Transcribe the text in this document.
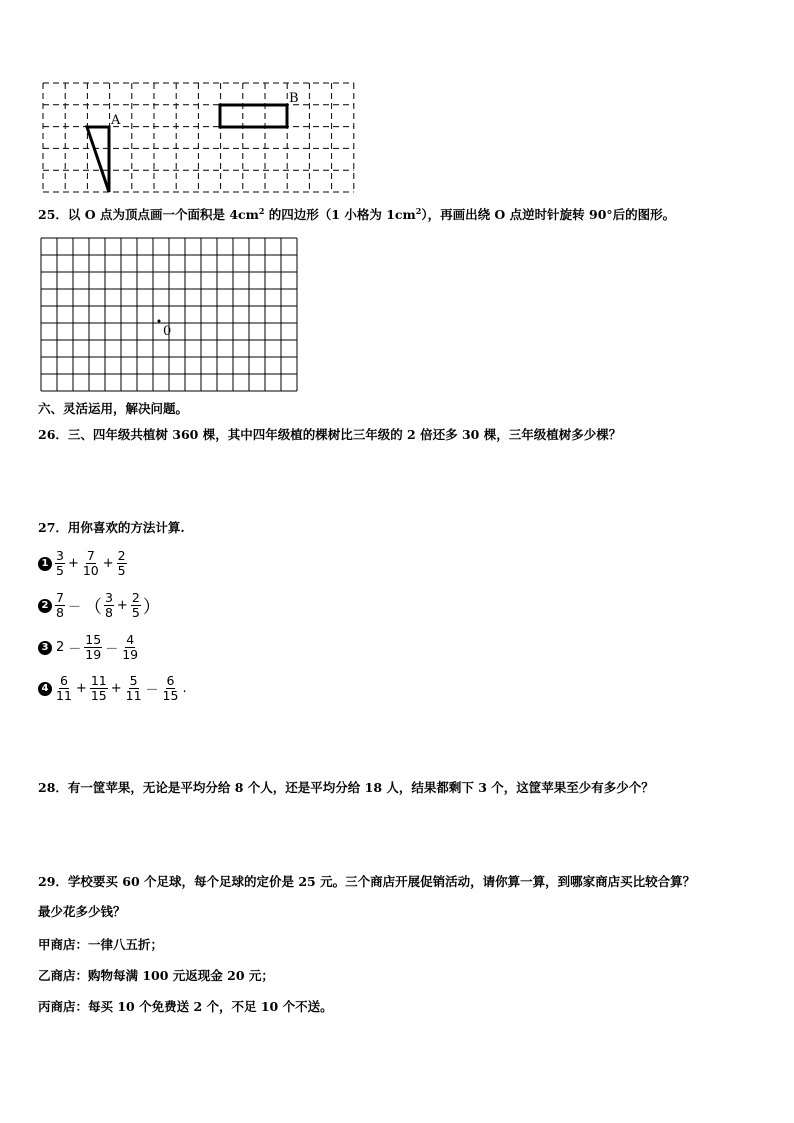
A
B
25．以 O 点为顶点画一个面积是 $4cm^2$ 的四边形（1 小格为 $1cm^2$），再画出绕 O 点逆时针旋转 90°后的图形。
0
六、灵活运用，解决问题。
26．三、四年级共植树 360 棵，其中四年级植的棵树比三年级的 2 倍还多 30 棵，三年级植树多少棵？
27．用你喜欢的方法计算.
$1 \frac{3}{5} + \frac{7}{10} + \frac{2}{5}$
$2 \frac{7}{8}$ － （ $\frac{3}{8} + \frac{2}{5}$ ）
3 $2 - \frac{15}{19} - \frac{4}{19}$
$4 \frac{6}{11} + \frac{11}{15} + \frac{5}{11} - \frac{6}{15}$ .
28．有一筐苹果，无论是平均分给 8 个人，还是平均分给 18 人，结果都剩下 3 个，这筐苹果至少有多少个？
29．学校要买 60 个足球，每个足球的定价是 25 元。三个商店开展促销活动，请你算一算，到哪家商店买比较合算？
最少花多少钱？
甲商店：一律八五折；
乙商店：购物每满 100 元返现金 20 元；
丙商店：每买 10 个免费送 2 个，不足 10 个不送。
